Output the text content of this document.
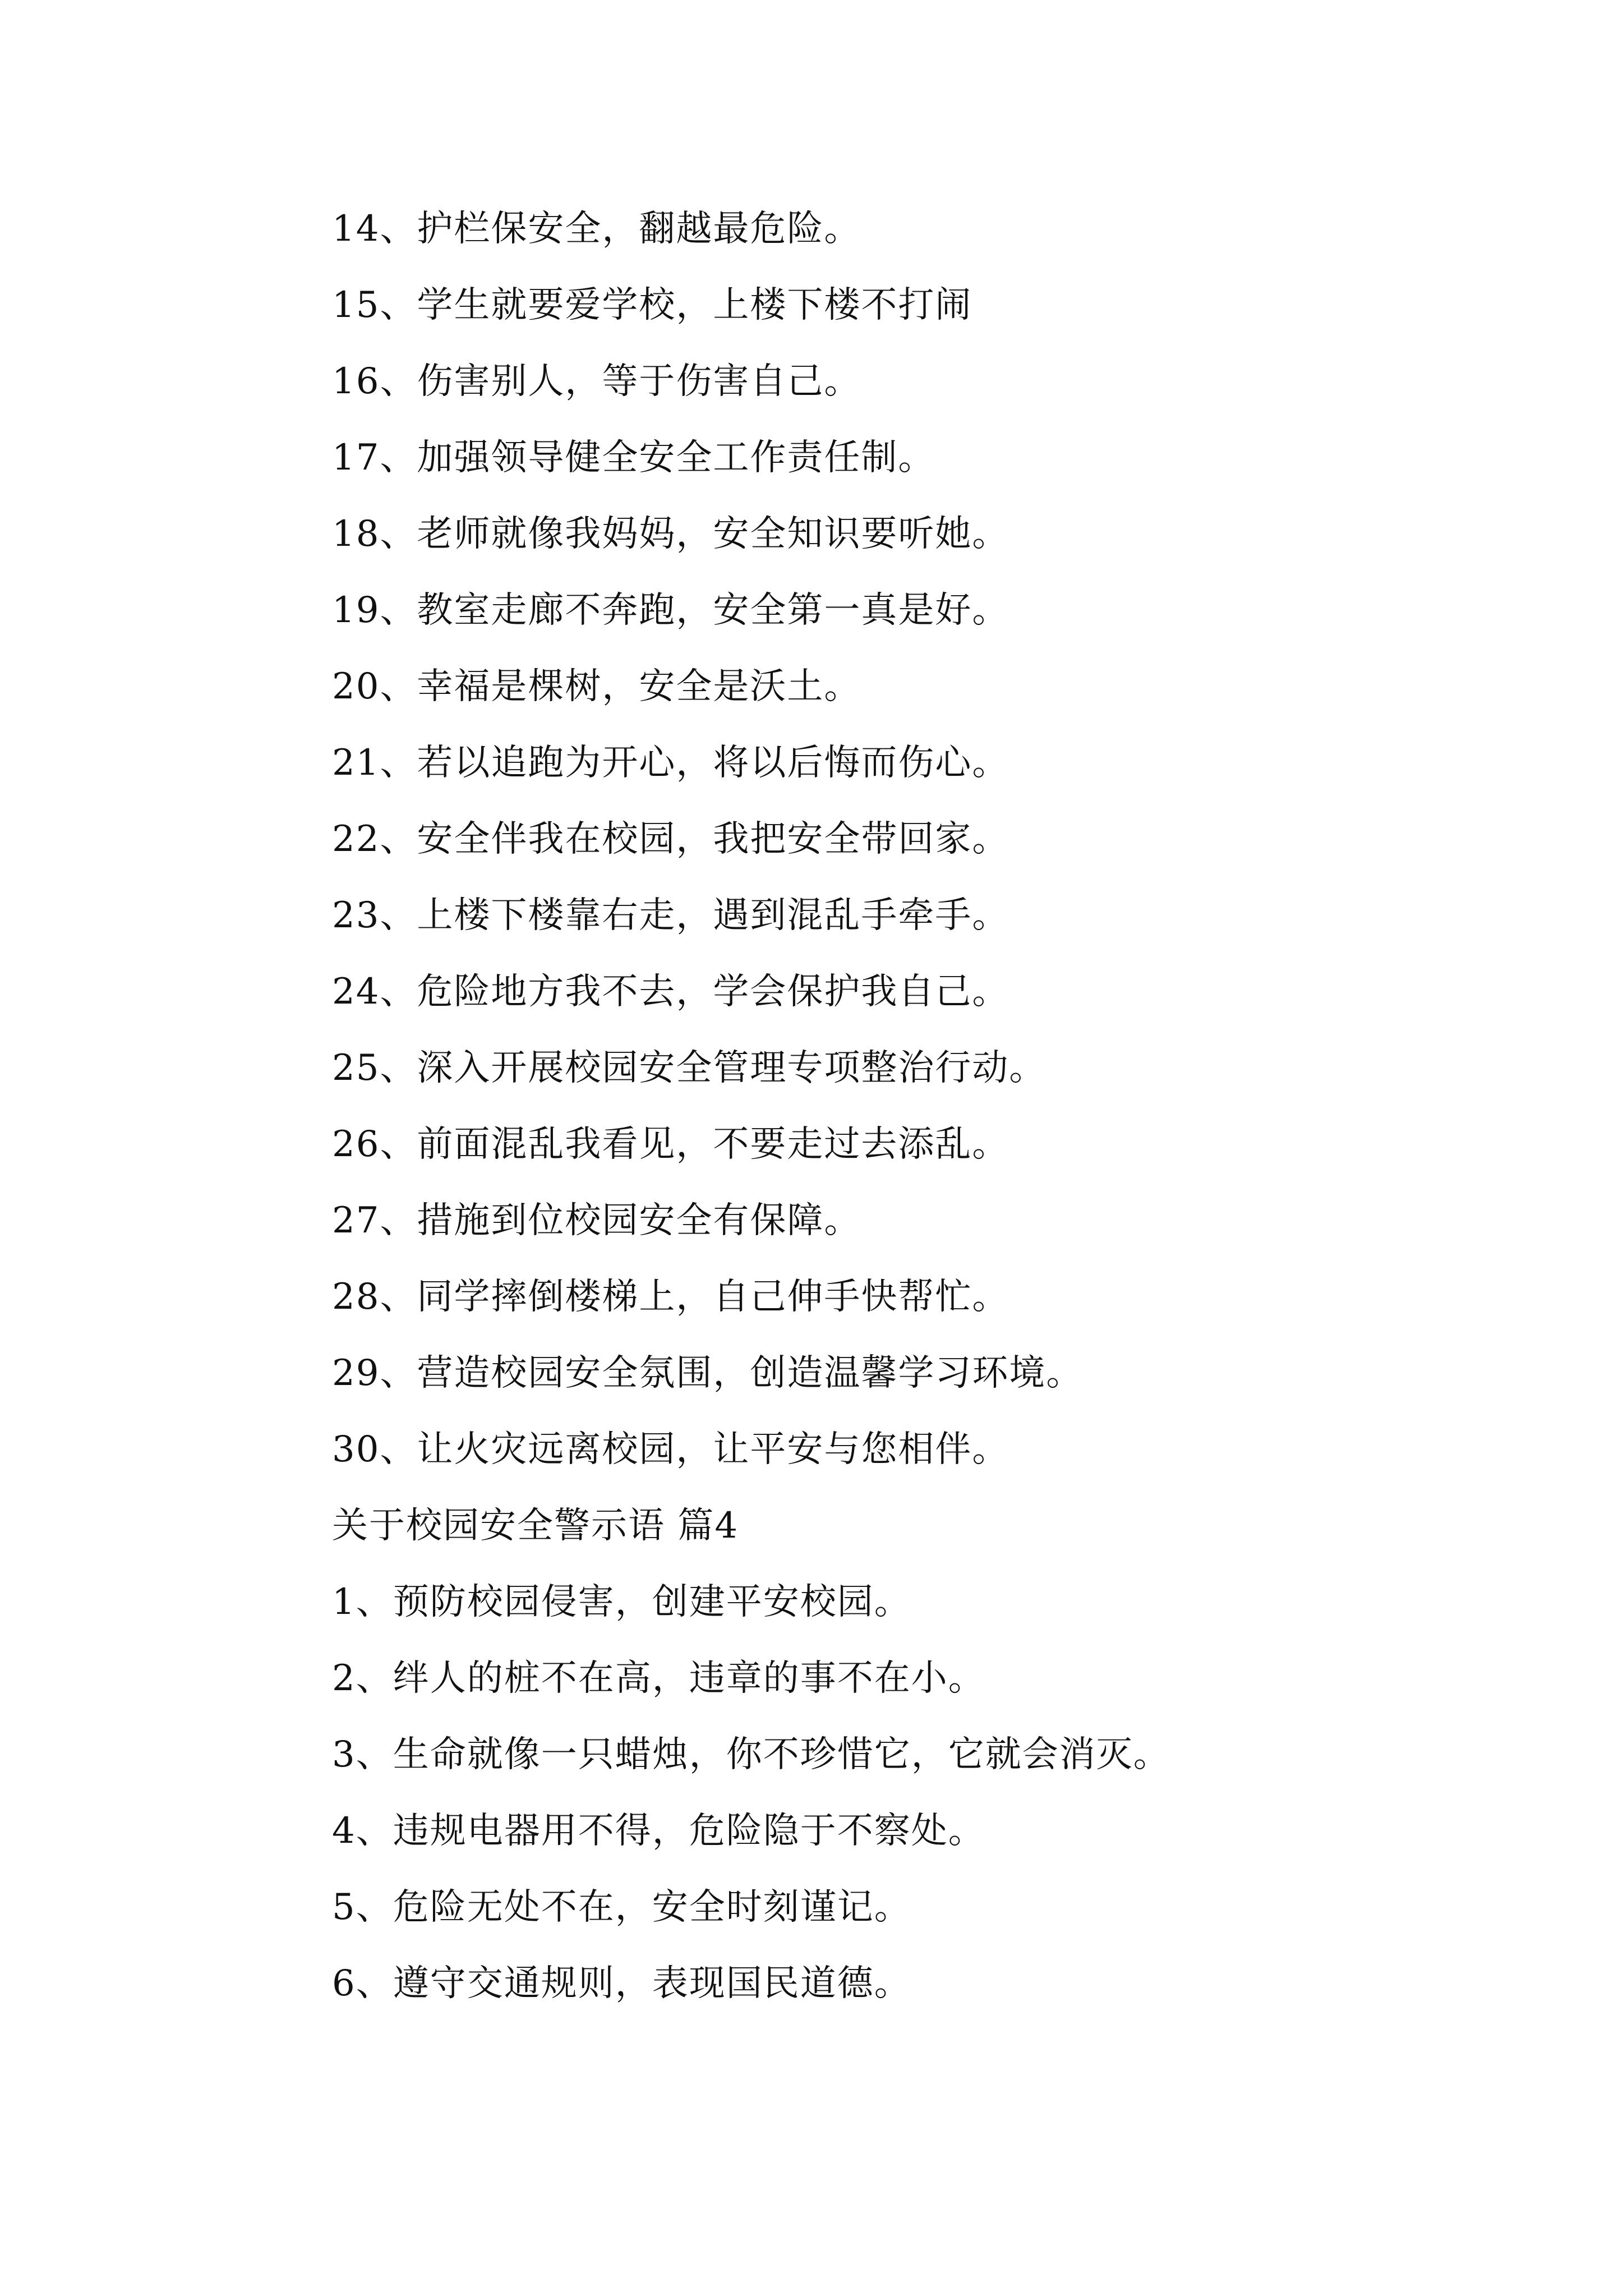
14、护栏保安全，翻越最危险。
15、学生就要爱学校，上楼下楼不打闹
16、伤害别人，等于伤害自己。
17、加强领导健全安全工作责任制。
18、老师就像我妈妈，安全知识要听她。
19、教室走廊不奔跑，安全第一真是好。
20、幸福是棵树，安全是沃土。
21、若以追跑为开心，将以后悔而伤心。
22、安全伴我在校园，我把安全带回家。
23、上楼下楼靠右走，遇到混乱手牵手。
24、危险地方我不去，学会保护我自己。
25、深入开展校园安全管理专项整治行动。
26、前面混乱我看见，不要走过去添乱。
27、措施到位校园安全有保障。
28、同学摔倒楼梯上，自己伸手快帮忙。
29、营造校园安全氛围，创造温馨学习环境。
30、让火灾远离校园，让平安与您相伴。
关于校园安全警示语 篇4
1、预防校园侵害，创建平安校园。
2、绊人的桩不在高，违章的事不在小。
3、生命就像一只蜡烛，你不珍惜它，它就会消灭。
4、违规电器用不得，危险隐于不察处。
5、危险无处不在，安全时刻谨记。
6、遵守交通规则，表现国民道德。
